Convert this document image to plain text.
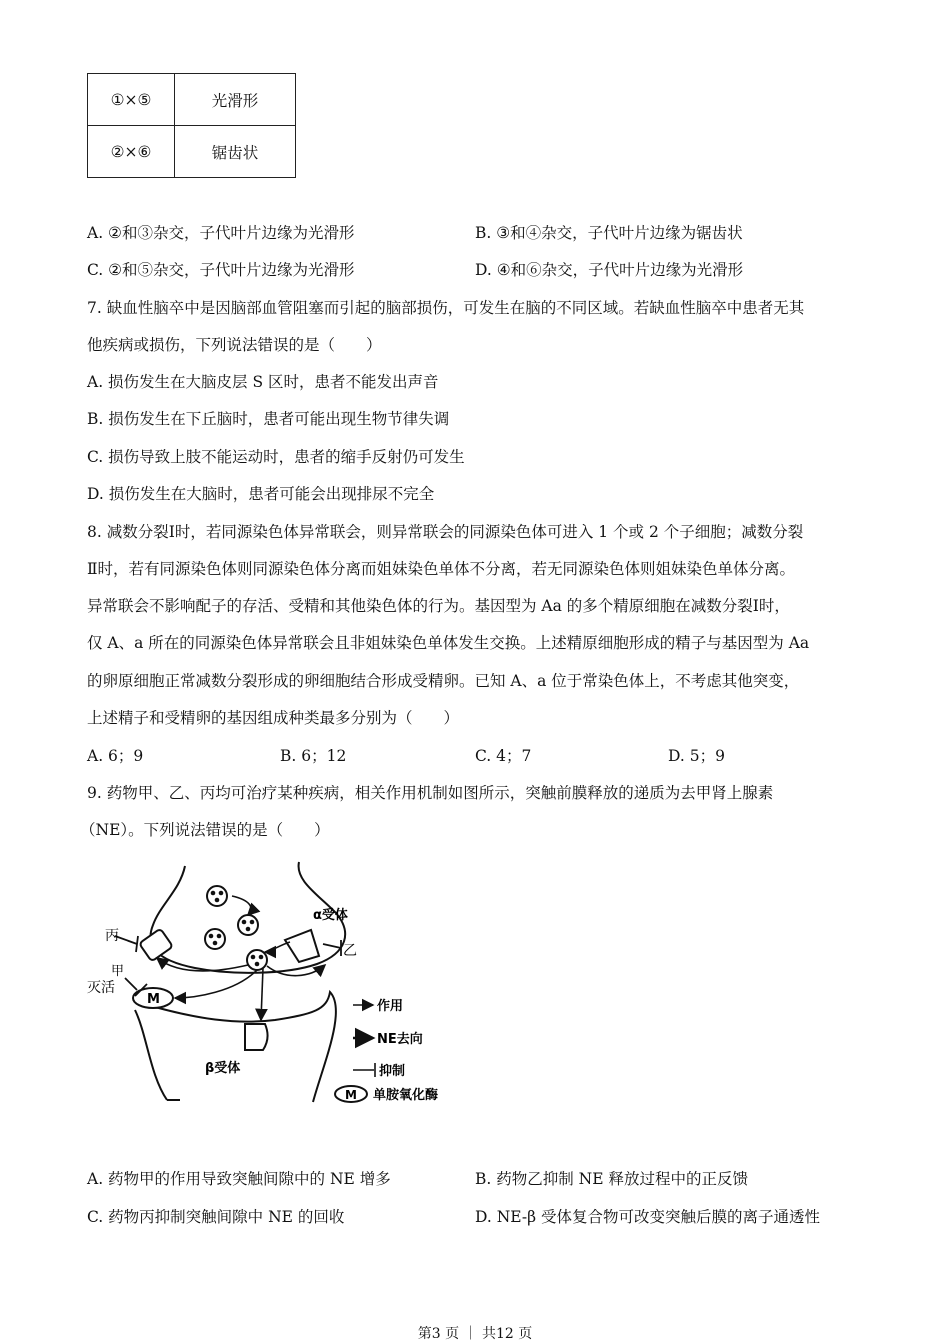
①×⑤	光滑形
②×⑥	锯齿状
A. ②和③杂交，子代叶片边缘为光滑形	B. ③和④杂交，子代叶片边缘为锯齿状
C. ②和⑤杂交，子代叶片边缘为光滑形	D. ④和⑥杂交，子代叶片边缘为光滑形
7. 缺血性脑卒中是因脑部血管阻塞而引起的脑部损伤，可发生在脑的不同区域。若缺血性脑卒中患者无其
他疾病或损伤，下列说法错误的是（　　）
A. 损伤发生在大脑皮层 S 区时，患者不能发出声音
B. 损伤发生在下丘脑时，患者可能出现生物节律失调
C. 损伤导致上肢不能运动时，患者的缩手反射仍可发生
D. 损伤发生在大脑时，患者可能会出现排尿不完全
8. 减数分裂Ⅰ时，若同源染色体异常联会，则异常联会的同源染色体可进入 1 个或 2 个子细胞；减数分裂
Ⅱ时，若有同源染色体则同源染色体分离而姐妹染色单体不分离，若无同源染色体则姐妹染色单体分离。
异常联会不影响配子的存活、受精和其他染色体的行为。基因型为 Aa 的多个精原细胞在减数分裂Ⅰ时，
仅 A、a 所在的同源染色体异常联会且非姐妹染色单体发生交换。上述精原细胞形成的精子与基因型为 Aa
的卵原细胞正常减数分裂形成的卵细胞结合形成受精卵。已知 A、a 位于常染色体上，不考虑其他突变，
上述精子和受精卵的基因组成种类最多分别为（　　）
A. 6；9	B. 6；12	C. 4；7	D. 5；9
9. 药物甲、乙、丙均可治疗某种疾病，相关作用机制如图所示，突触前膜释放的递质为去甲肾上腺素
（NE）。下列说法错误的是（　　）
M
丙
甲
灭活
α受体
乙
β受体
作用
NE去向
抑制
M 单胺氧化酶
A. 药物甲的作用导致突触间隙中的 NE 增多	B. 药物乙抑制 NE 释放过程中的正反馈
C. 药物丙抑制突触间隙中 NE 的回收	D. NE-β 受体复合物可改变突触后膜的离子通透性
第3 页 ｜ 共12 页
